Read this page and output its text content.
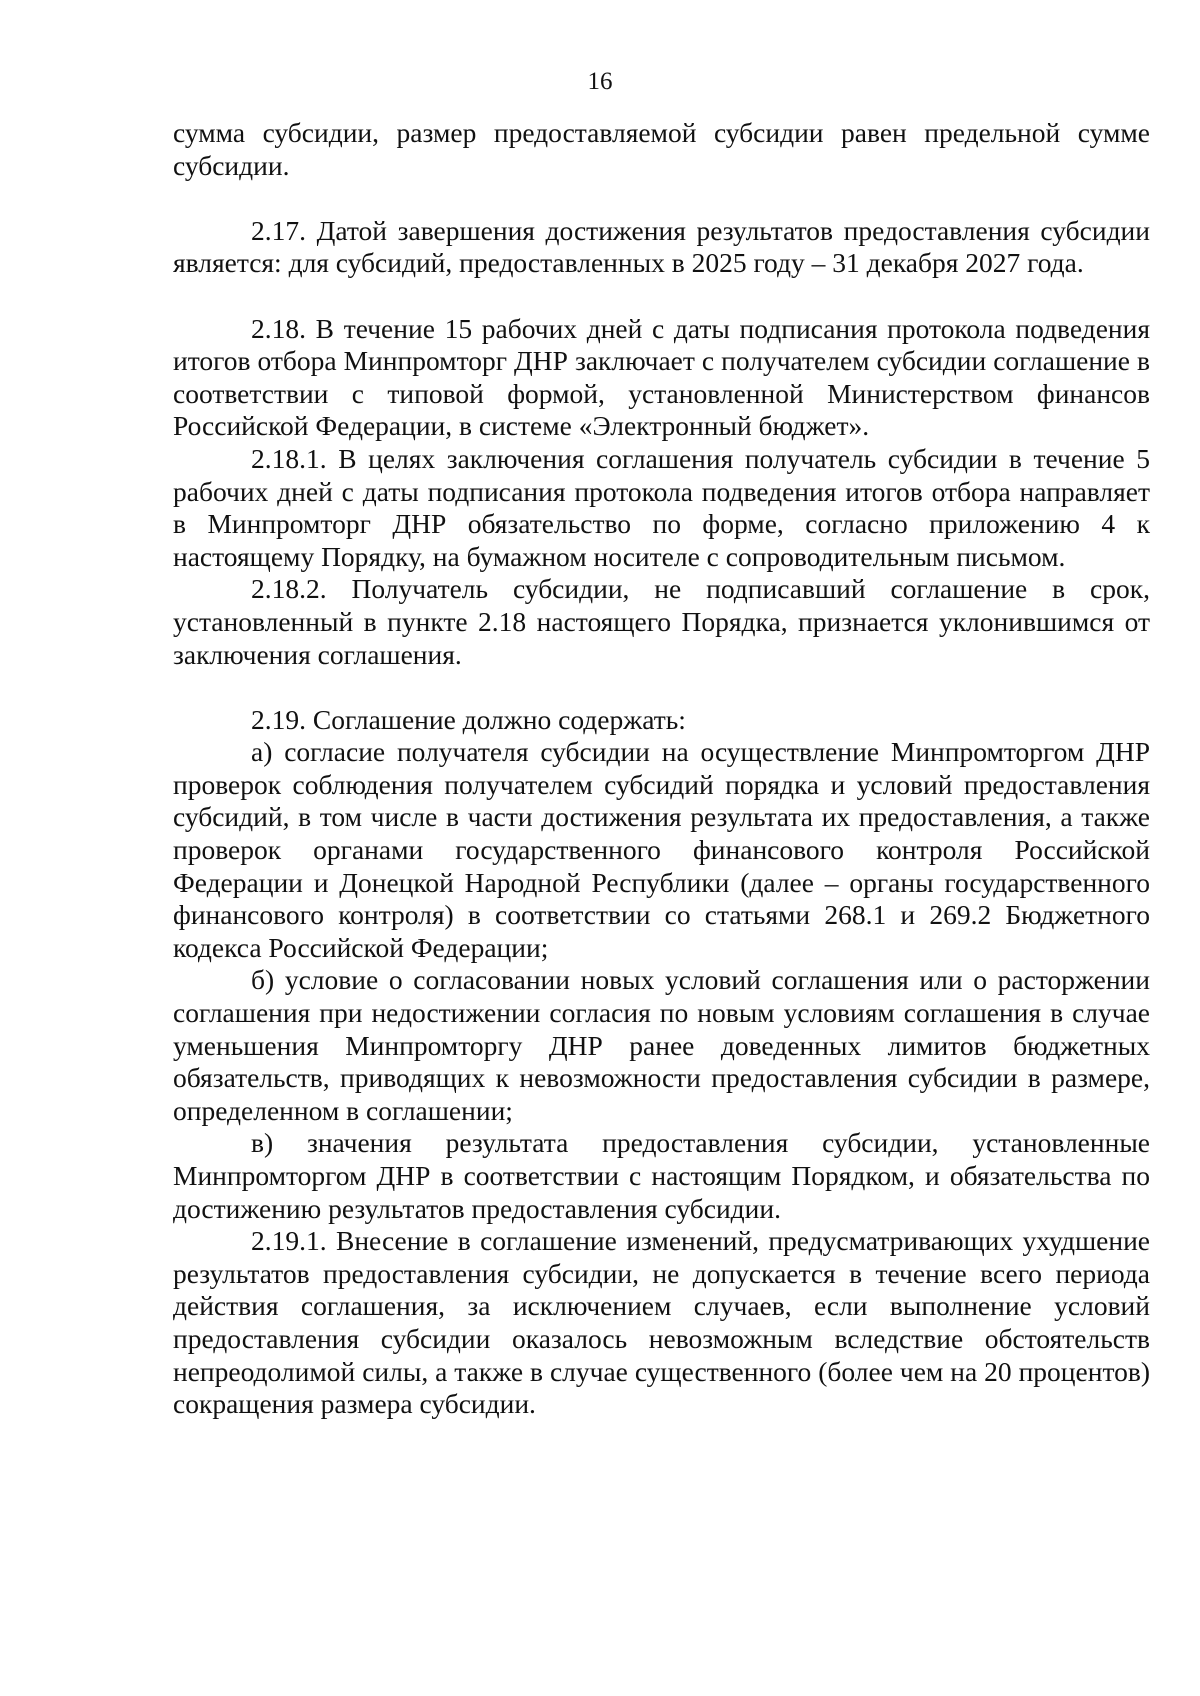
16

сумма субсидии, размер предоставляемой субсидии равен предельной сумме субсидии.

2.17. Датой завершения достижения результатов предоставления субсидии является: для субсидий, предоставленных в 2025 году – 31 декабря 2027 года.

2.18. В течение 15 рабочих дней с даты подписания протокола подведения итогов отбора Минпромторг ДНР заключает с получателем субсидии соглашение в соответствии с типовой формой, установленной Министерством финансов Российской Федерации, в системе «Электронный бюджет».

2.18.1. В целях заключения соглашения получатель субсидии в течение 5 рабочих дней с даты подписания протокола подведения итогов отбора направляет в Минпромторг ДНР обязательство по форме, согласно приложению 4 к настоящему Порядку, на бумажном носителе с сопроводительным письмом.

2.18.2. Получатель субсидии, не подписавший соглашение в срок, установленный в пункте 2.18 настоящего Порядка, признается уклонившимся от заключения соглашения.

2.19. Соглашение должно содержать:

а) согласие получателя субсидии на осуществление Минпромторгом ДНР проверок соблюдения получателем субсидий порядка и условий предоставления субсидий, в том числе в части достижения результата их предоставления, а также проверок органами государственного финансового контроля Российской Федерации и Донецкой Народной Республики (далее – органы государственного финансового контроля) в соответствии со статьями 268.1 и 269.2 Бюджетного кодекса Российской Федерации;

б) условие о согласовании новых условий соглашения или о расторжении соглашения при недостижении согласия по новым условиям соглашения в случае уменьшения Минпромторгу ДНР ранее доведенных лимитов бюджетных обязательств, приводящих к невозможности предоставления субсидии в размере, определенном в соглашении;

в) значения результата предоставления субсидии, установленные Минпромторгом ДНР в соответствии с настоящим Порядком, и обязательства по достижению результатов предоставления субсидии.

2.19.1. Внесение в соглашение изменений, предусматривающих ухудшение результатов предоставления субсидии, не допускается в течение всего периода действия соглашения, за исключением случаев, если выполнение условий предоставления субсидии оказалось невозможным вследствие обстоятельств непреодолимой силы, а также в случае существенного (более чем на 20 процентов) сокращения размера субсидии.
